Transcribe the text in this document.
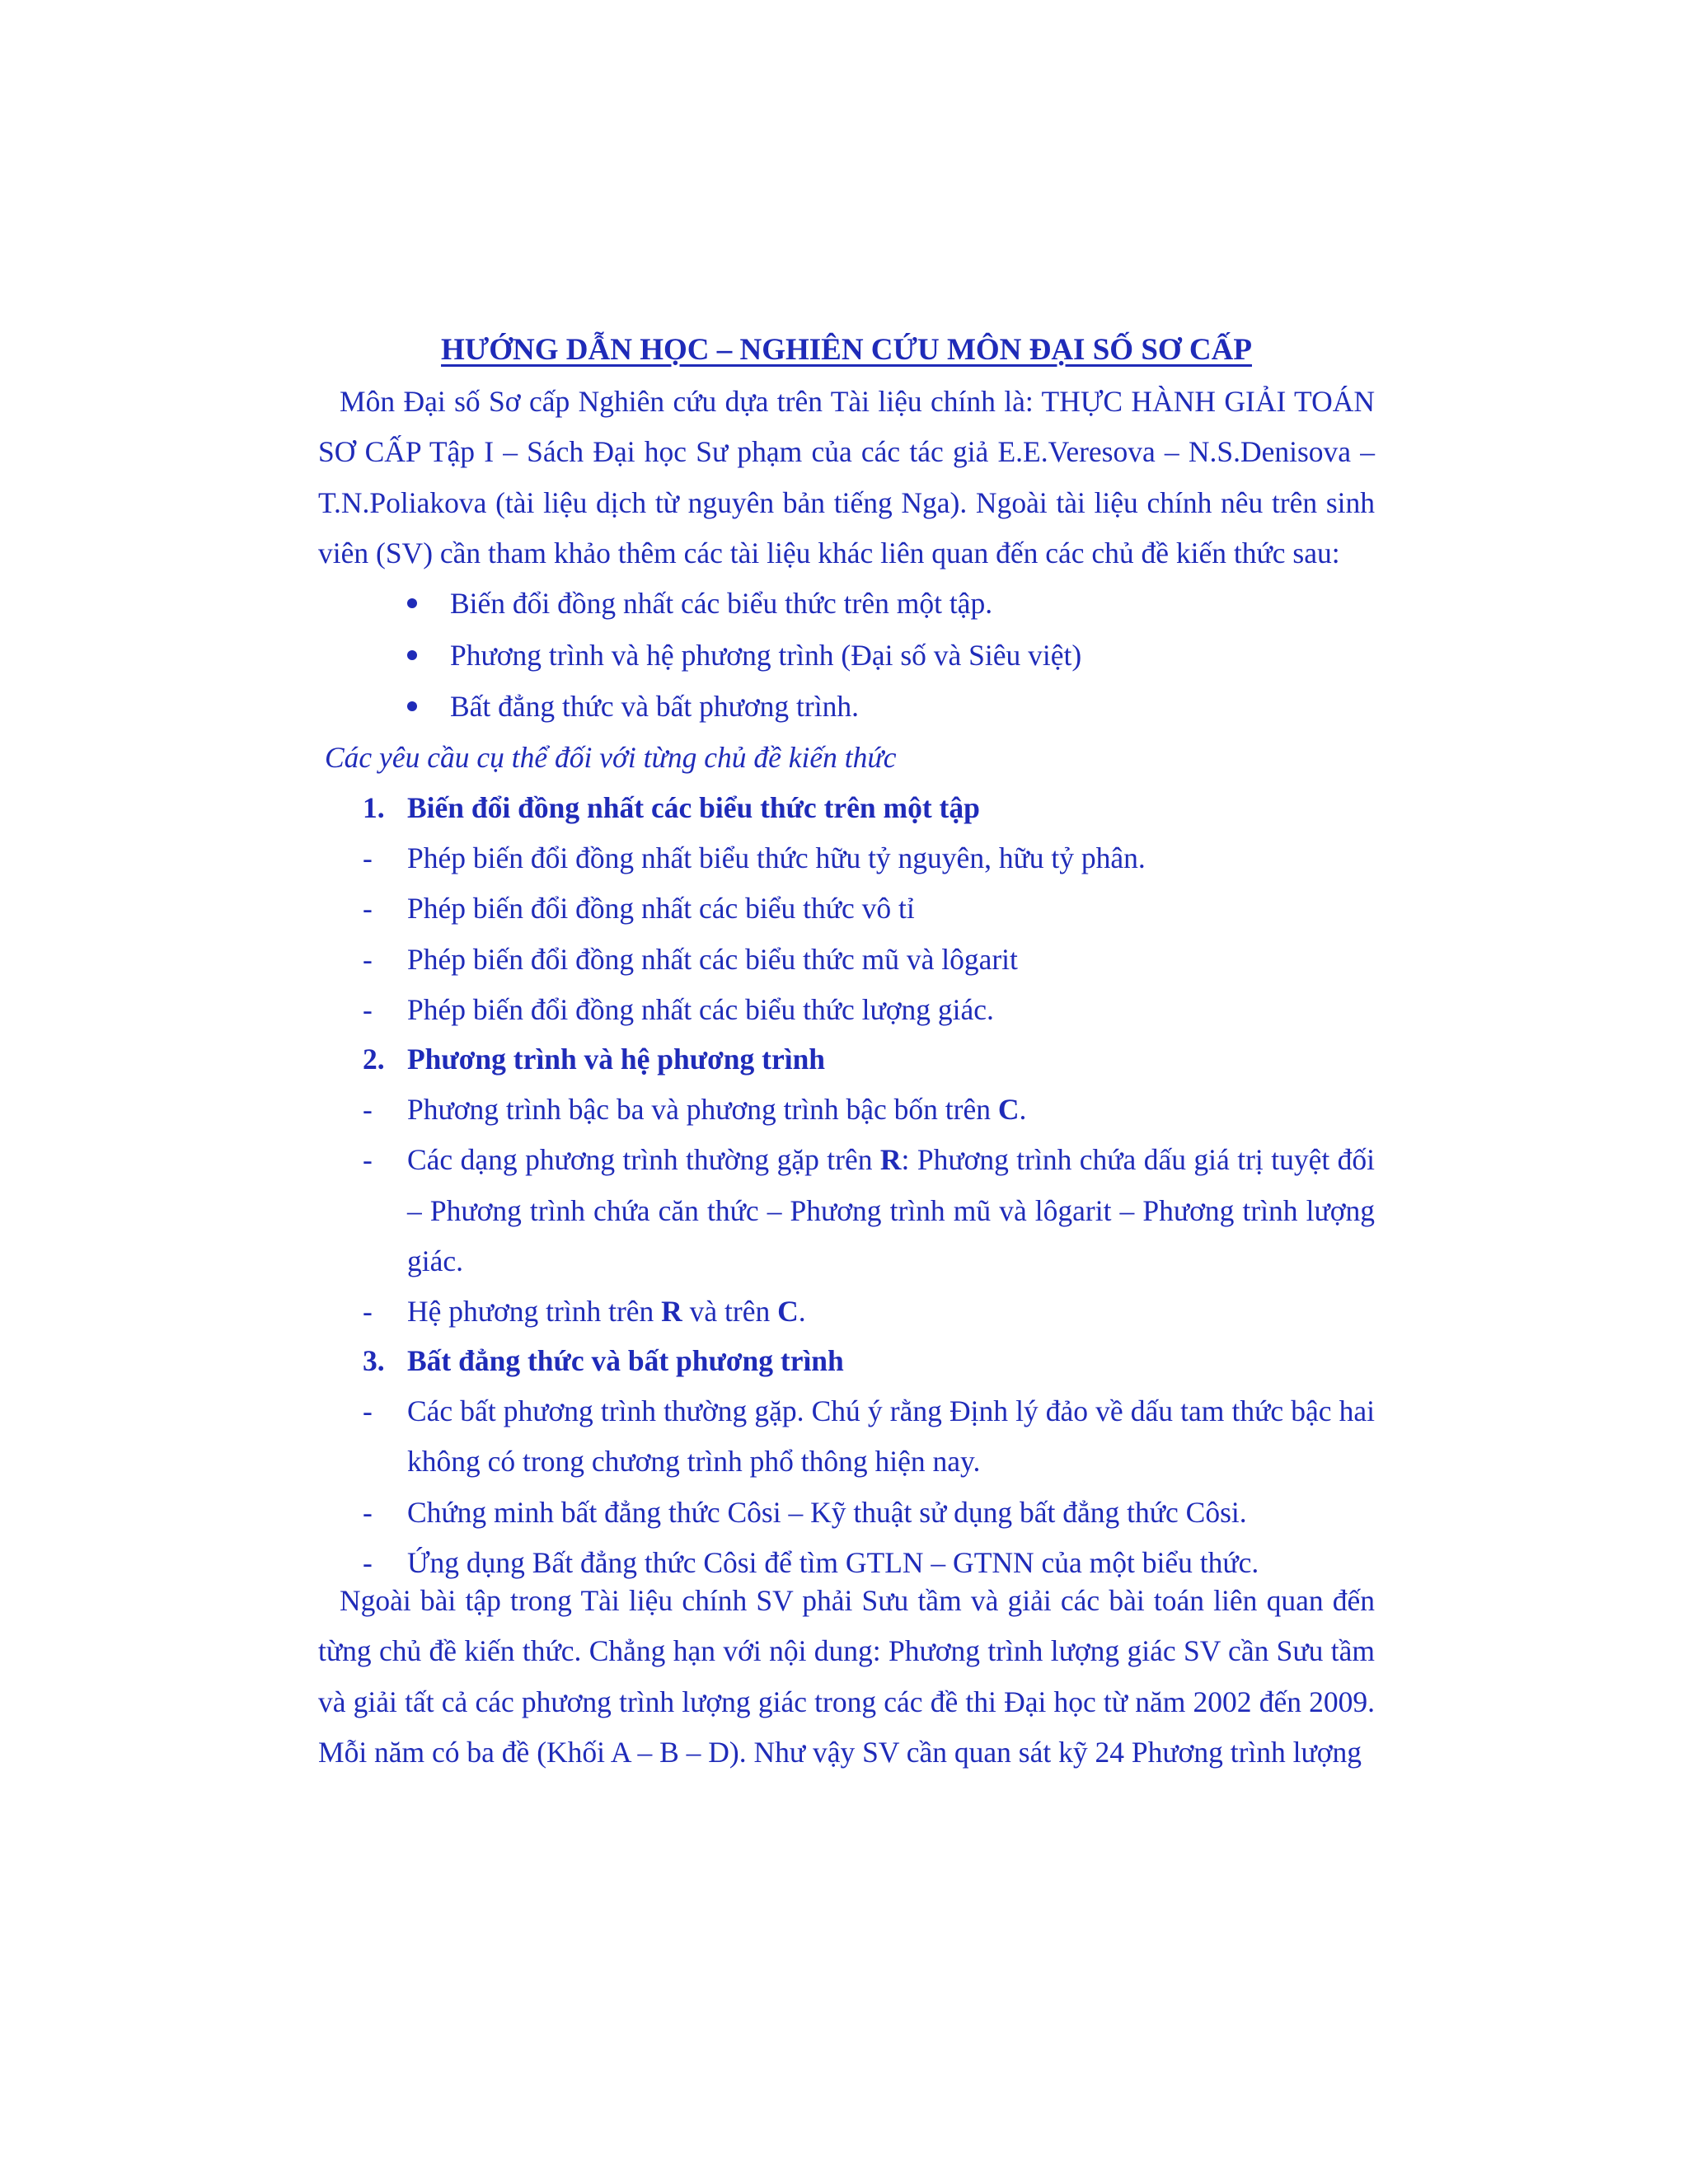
HƯỚNG DẪN HỌC – NGHIÊN CỨU MÔN ĐẠI SỐ SƠ CẤP
Môn Đại số Sơ cấp Nghiên cứu dựa trên Tài liệu chính là: THỰC HÀNH GIẢI TOÁN SƠ CẤP Tập I – Sách Đại học Sư phạm của các tác giả E.E.Veresova – N.S.Denisova – T.N.Poliakova (tài liệu dịch từ nguyên bản tiếng Nga). Ngoài tài liệu chính nêu trên sinh viên (SV) cần tham khảo thêm các tài liệu khác liên quan đến các chủ đề kiến thức sau:
Biến đổi đồng nhất các biểu thức trên một tập.
Phương trình và hệ phương trình (Đại số và Siêu việt)
Bất đẳng thức và bất phương trình.
Các yêu cầu cụ thể đối với từng chủ đề kiến thức
1. Biến đổi đồng nhất các biểu thức trên một tập
- Phép biến đổi đồng nhất biểu thức hữu tỷ nguyên, hữu tỷ phân.
- Phép biến đổi đồng nhất các biểu thức vô tỉ
- Phép biến đổi đồng nhất các biểu thức mũ và lôgarit
- Phép biến đổi đồng nhất các biểu thức lượng giác.
2. Phương trình và hệ phương trình
- Phương trình bậc ba và phương trình bậc bốn trên C.
- Các dạng phương trình thường gặp trên R: Phương trình chứa dấu giá trị tuyệt đối – Phương trình chứa căn thức – Phương trình mũ và lôgarit – Phương trình lượng giác.
- Hệ phương trình trên R và trên C.
3. Bất đẳng thức và bất phương trình
- Các bất phương trình thường gặp. Chú ý rằng Định lý đảo về dấu tam thức bậc hai không có trong chương trình phổ thông hiện nay.
- Chứng minh bất đẳng thức Côsi – Kỹ thuật sử dụng bất đẳng thức Côsi.
- Ứng dụng Bất đẳng thức Côsi để tìm GTLN – GTNN của một biểu thức.
Ngoài bài tập trong Tài liệu chính SV phải Sưu tầm và giải các bài toán liên quan đến từng chủ đề kiến thức. Chẳng hạn với nội dung: Phương trình lượng giác SV cần Sưu tầm và giải tất cả các phương trình lượng giác trong các đề thi Đại học từ năm 2002 đến 2009. Mỗi năm có ba đề (Khối A – B – D). Như vậy SV cần quan sát kỹ 24 Phương trình lượng
